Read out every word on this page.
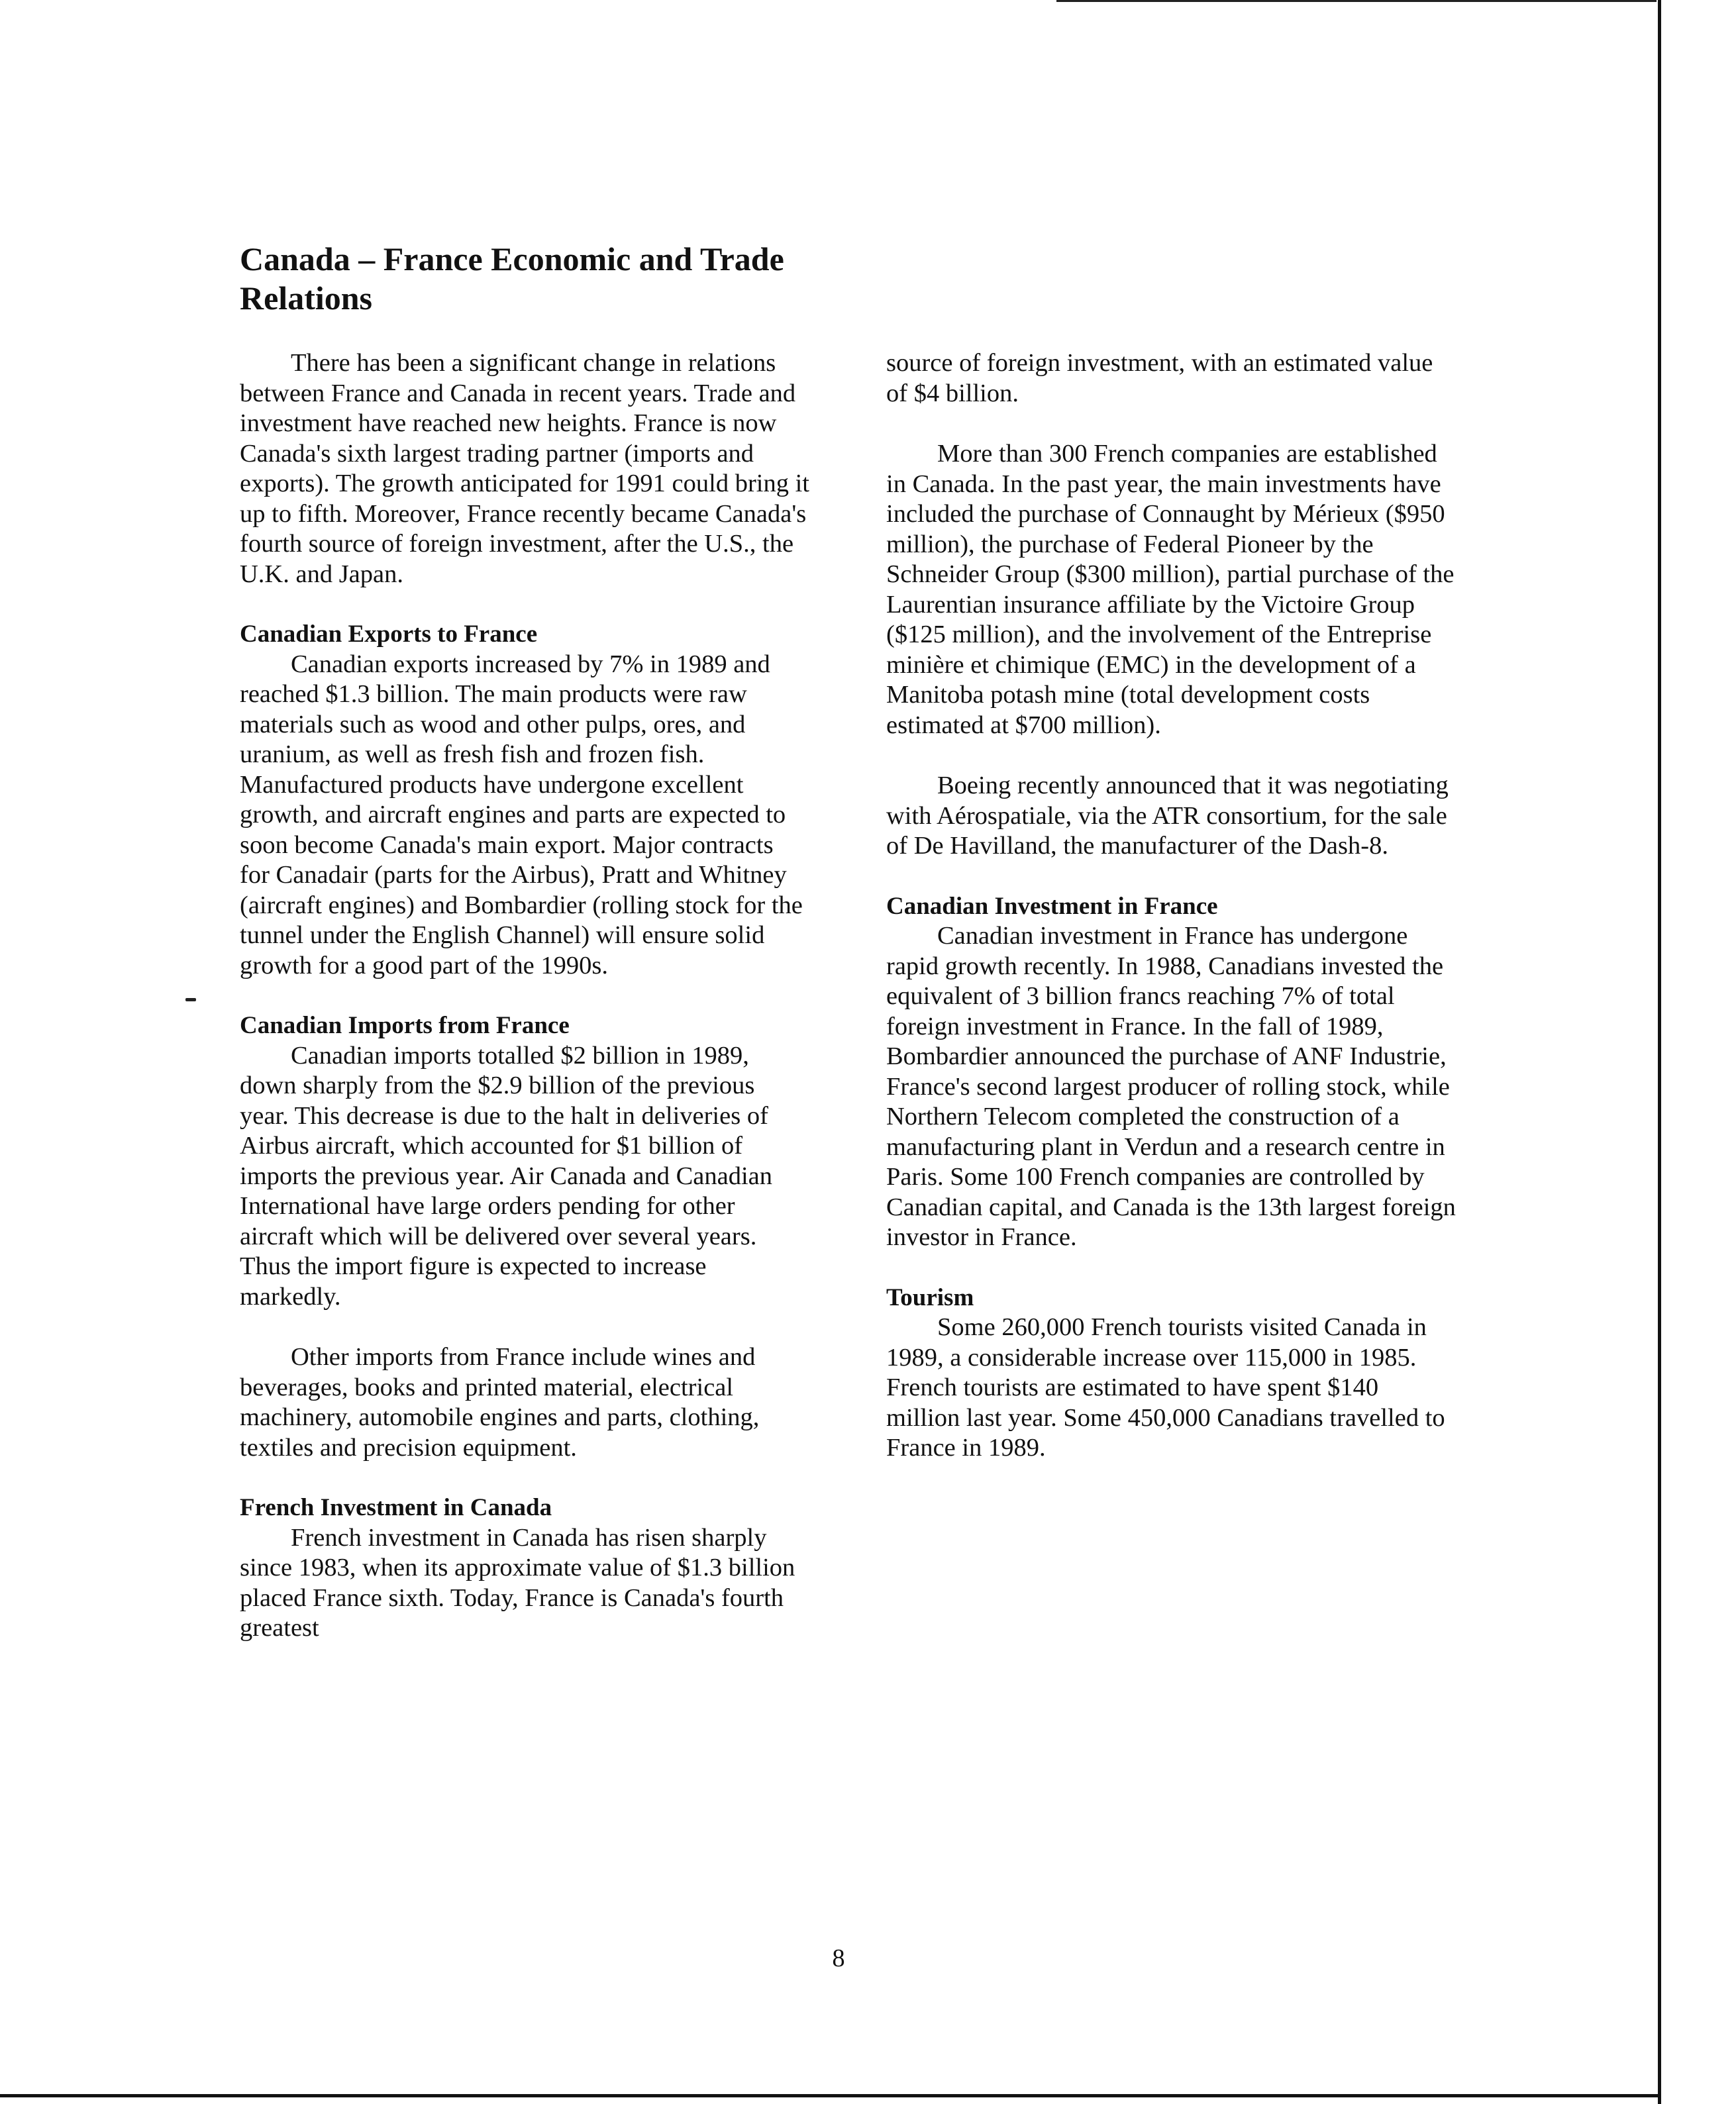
Canada – France Economic and Trade Relations

There has been a significant change in relations between France and Canada in recent years. Trade and investment have reached new heights. France is now Canada's sixth largest trading partner (imports and exports). The growth anticipated for 1991 could bring it up to fifth. Moreover, France recently became Canada's fourth source of foreign investment, after the U.S., the U.K. and Japan.

Canadian Exports to France

Canadian exports increased by 7% in 1989 and reached $1.3 billion. The main products were raw materials such as wood and other pulps, ores, and uranium, as well as fresh fish and frozen fish. Manufactured products have undergone excellent growth, and aircraft engines and parts are expected to soon become Canada's main export. Major contracts for Canadair (parts for the Airbus), Pratt and Whitney (aircraft engines) and Bombardier (rolling stock for the tunnel under the English Channel) will ensure solid growth for a good part of the 1990s.

Canadian Imports from France

Canadian imports totalled $2 billion in 1989, down sharply from the $2.9 billion of the previous year. This decrease is due to the halt in deliveries of Airbus aircraft, which accounted for $1 billion of imports the previous year. Air Canada and Canadian International have large orders pending for other aircraft which will be delivered over several years. Thus the import figure is expected to increase markedly.

Other imports from France include wines and beverages, books and printed material, electrical machinery, automobile engines and parts, clothing, textiles and precision equipment.

French Investment in Canada

French investment in Canada has risen sharply since 1983, when its approximate value of $1.3 billion placed France sixth. Today, France is Canada's fourth greatest

source of foreign investment, with an estimated value of $4 billion.

More than 300 French companies are established in Canada. In the past year, the main investments have included the purchase of Connaught by Mérieux ($950 million), the purchase of Federal Pioneer by the Schneider Group ($300 million), partial purchase of the Laurentian insurance affiliate by the Victoire Group ($125 million), and the involvement of the Entreprise minière et chimique (EMC) in the development of a Manitoba potash mine (total development costs estimated at $700 million).

Boeing recently announced that it was negotiating with Aérospatiale, via the ATR consortium, for the sale of De Havilland, the manufacturer of the Dash-8.

Canadian Investment in France

Canadian investment in France has undergone rapid growth recently. In 1988, Canadians invested the equivalent of 3 billion francs reaching 7% of total foreign investment in France. In the fall of 1989, Bombardier announced the purchase of ANF Industrie, France's second largest producer of rolling stock, while Northern Telecom completed the construction of a manufacturing plant in Verdun and a research centre in Paris. Some 100 French companies are controlled by Canadian capital, and Canada is the 13th largest foreign investor in France.

Tourism

Some 260,000 French tourists visited Canada in 1989, a considerable increase over 115,000 in 1985. French tourists are estimated to have spent $140 million last year. Some 450,000 Canadians travelled to France in 1989.

8
